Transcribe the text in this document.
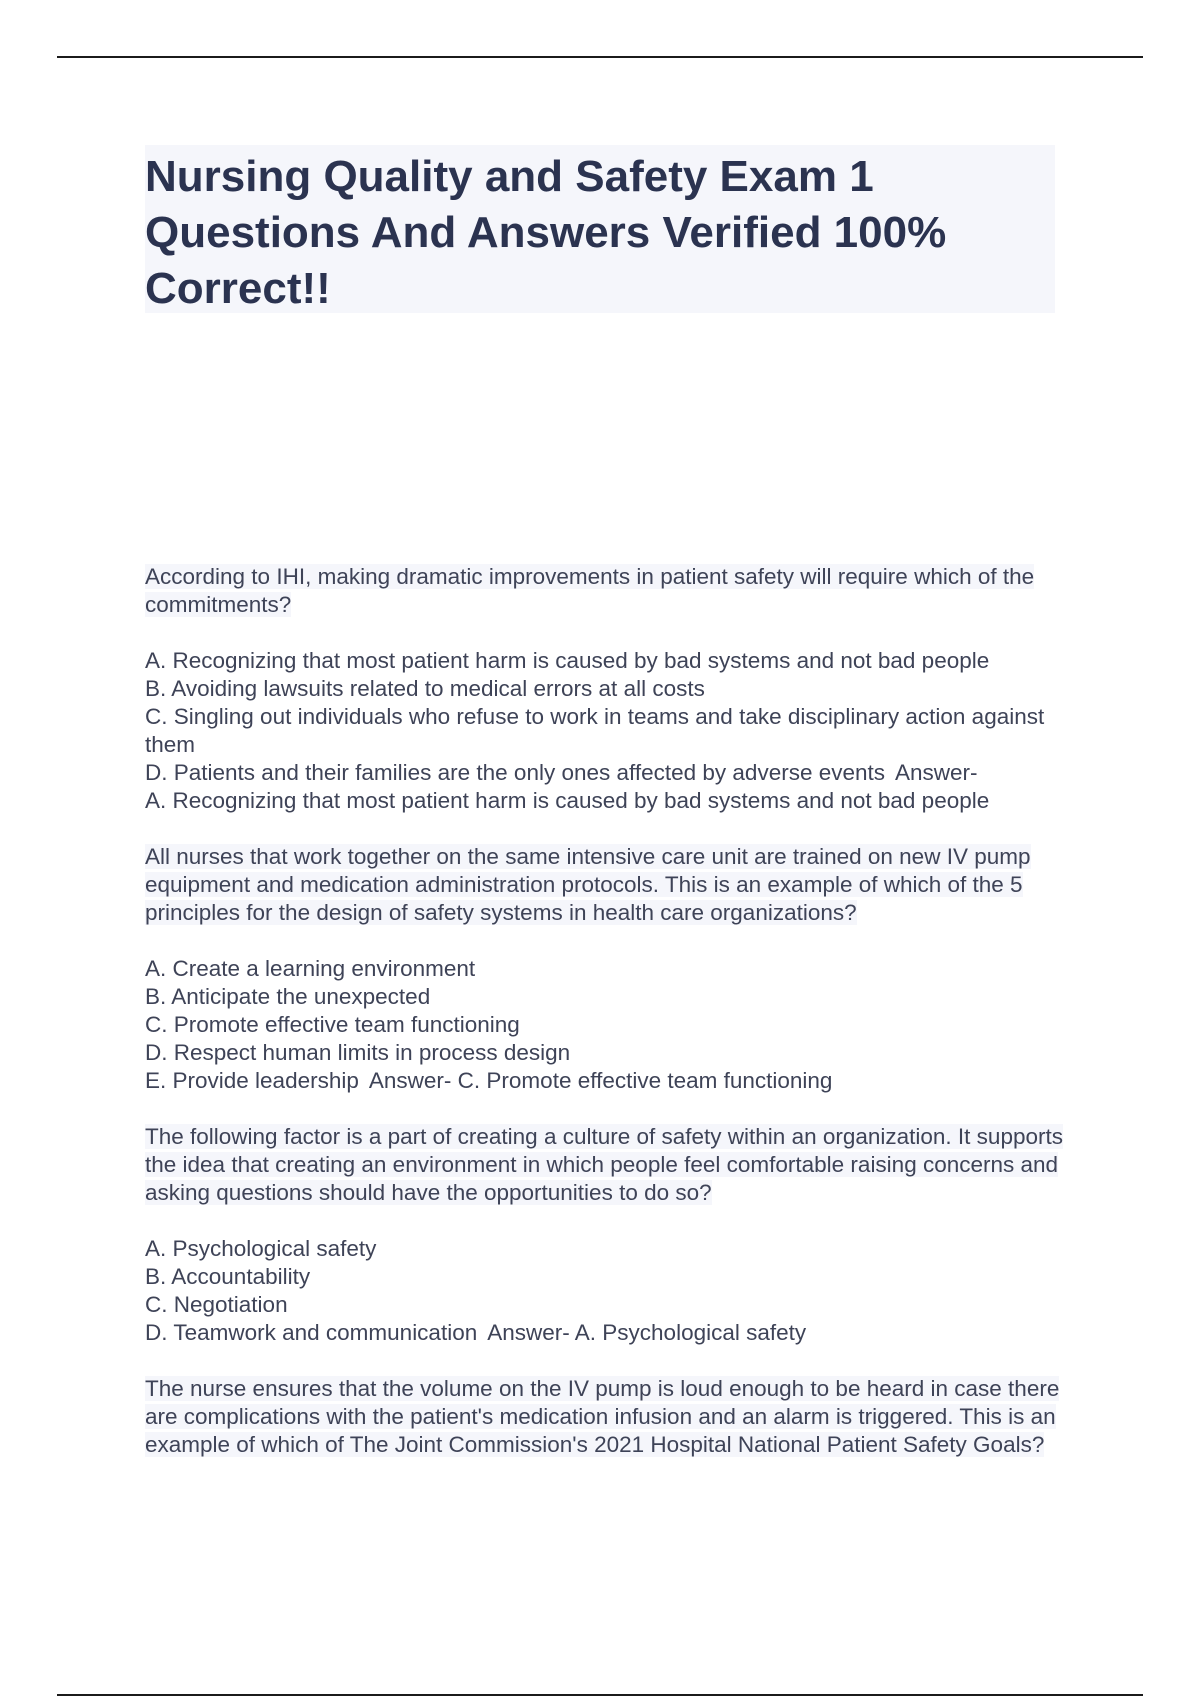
Nursing Quality and Safety Exam 1 Questions And Answers Verified 100% Correct!!
According to IHI, making dramatic improvements in patient safety will require which of the commitments?
A. Recognizing that most patient harm is caused by bad systems and not bad people
B. Avoiding lawsuits related to medical errors at all costs
C. Singling out individuals who refuse to work in teams and take disciplinary action against them
D. Patients and their families are the only ones affected by adverse events Answer-
A. Recognizing that most patient harm is caused by bad systems and not bad people
All nurses that work together on the same intensive care unit are trained on new IV pump equipment and medication administration protocols. This is an example of which of the 5 principles for the design of safety systems in health care organizations?
A. Create a learning environment
B. Anticipate the unexpected
C. Promote effective team functioning
D. Respect human limits in process design
E. Provide leadership Answer- C. Promote effective team functioning
The following factor is a part of creating a culture of safety within an organization. It supports the idea that creating an environment in which people feel comfortable raising concerns and asking questions should have the opportunities to do so?
A. Psychological safety
B. Accountability
C. Negotiation
D. Teamwork and communication Answer- A. Psychological safety
The nurse ensures that the volume on the IV pump is loud enough to be heard in case there are complications with the patient's medication infusion and an alarm is triggered. This is an example of which of The Joint Commission's 2021 Hospital National Patient Safety Goals?
